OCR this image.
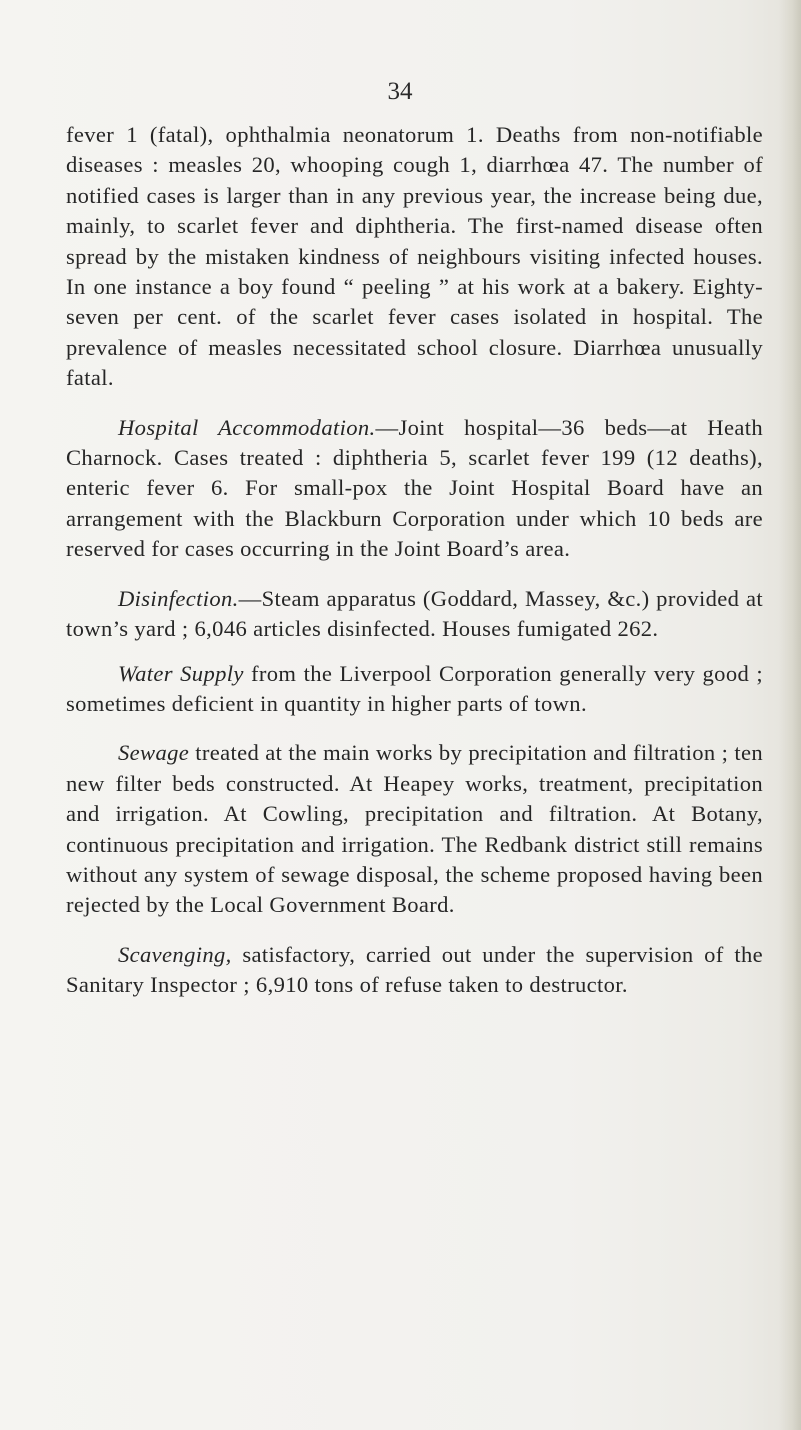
34

fever 1 (fatal), ophthalmia neonatorum 1. Deaths from non-notifiable diseases : measles 20, whooping cough 1, diarrhœa 47. The number of notified cases is larger than in any previous year, the increase being due, mainly, to scarlet fever and diphtheria. The first-named disease often spread by the mistaken kindness of neighbours visiting infected houses. In one instance a boy found “ peeling ” at his work at a bakery. Eighty-seven per cent. of the scarlet fever cases isolated in hospital. The prevalence of measles necessitated school closure. Diarrhœa unusually fatal.

Hospital Accommodation.—Joint hospital—36 beds—at Heath Charnock. Cases treated : diphtheria 5, scarlet fever 199 (12 deaths), enteric fever 6. For small-pox the Joint Hospital Board have an arrangement with the Blackburn Corporation under which 10 beds are reserved for cases occurring in the Joint Board’s area.

Disinfection.—Steam apparatus (Goddard, Massey, &c.) provided at town’s yard ; 6,046 articles disinfected. Houses fumigated 262.

Water Supply from the Liverpool Corporation generally very good ; sometimes deficient in quantity in higher parts of town.

Sewage treated at the main works by precipitation and filtration ; ten new filter beds constructed. At Heapey works, treatment, precipitation and irrigation. At Cowling, precipitation and filtration. At Botany, continuous precipitation and irrigation. The Redbank district still remains without any system of sewage disposal, the scheme proposed having been rejected by the Local Government Board.

Scavenging, satisfactory, carried out under the supervision of the Sanitary Inspector ; 6,910 tons of refuse taken to destructor.
